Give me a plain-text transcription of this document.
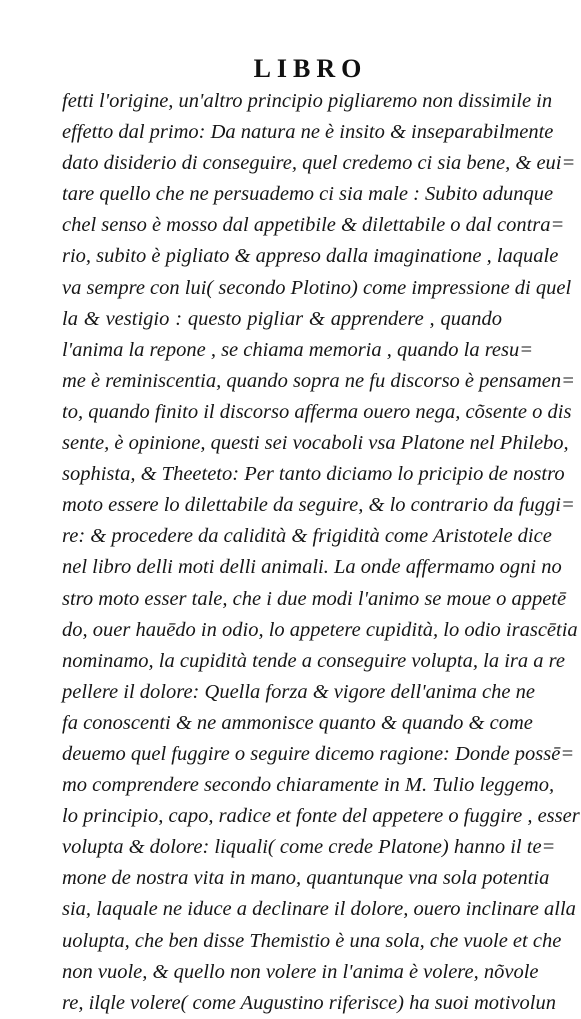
LIBRO
fetti l'origine, un'altro principio pigliaremo non dissimile in
effetto dal primo: Da natura ne è insito & inseparabilmente
dato disiderio di conseguire, quel credemo ci sia bene, & eui=
tare quello che ne persuademo ci sia male : Subito adunque
chel senso è mosso dal appetibile & dilettabile o dal contra=
rio, subito è pigliato & appreso dalla imaginatione , laquale
va sempre con lui( secondo Plotino) come impressione di quel
la & vestigio : questo pigliar & apprendere , quando
l'anima la repone , se chiama memoria , quando la resu=
me è reminiscentia, quando sopra ne fu discorso è pensamen=
to, quando finito il discorso afferma ouero nega, cõsente o dis
sente, è opinione, questi sei vocaboli vsa Platone nel Philebo,
sophista, & Theeteto: Per tanto diciamo lo pricipio de nostro
moto essere lo dilettabile da seguire, & lo contrario da fuggi=
re: & procedere da calidità & frigidità come Aristotele dice
nel libro delli moti delli animali. La onde affermamo ogni no
stro moto esser tale, che i due modi l'animo se moue o appetē
do, ouer hauēdo in odio, lo appetere cupidità, lo odio irascētia
nominamo, la cupidità tende a conseguire volupta, la ira a re
pellere il dolore: Quella forza & vigore dell'anima che ne
fa conoscenti & ne ammonisce quanto & quando & come
deuemo quel fuggire o seguire dicemo ragione: Donde possē=
mo comprendere secondo chiaramente in M. Tulio leggemo,
lo principio, capo, radice et fonte del appetere o fuggire , esser
volupta & dolore: liquali( come crede Platone) hanno il te=
mone de nostra vita in mano, quantunque vna sola potentia
sia, laquale ne iduce a declinare il dolore, ouero inclinare alla
uolupta, che ben disse Themistio è una sola, che vuole et che
non vuole, & quello non volere in l'anima è volere, nõvole
re, ilqle volere( come Augustino riferisce) ha suoi motivolun
